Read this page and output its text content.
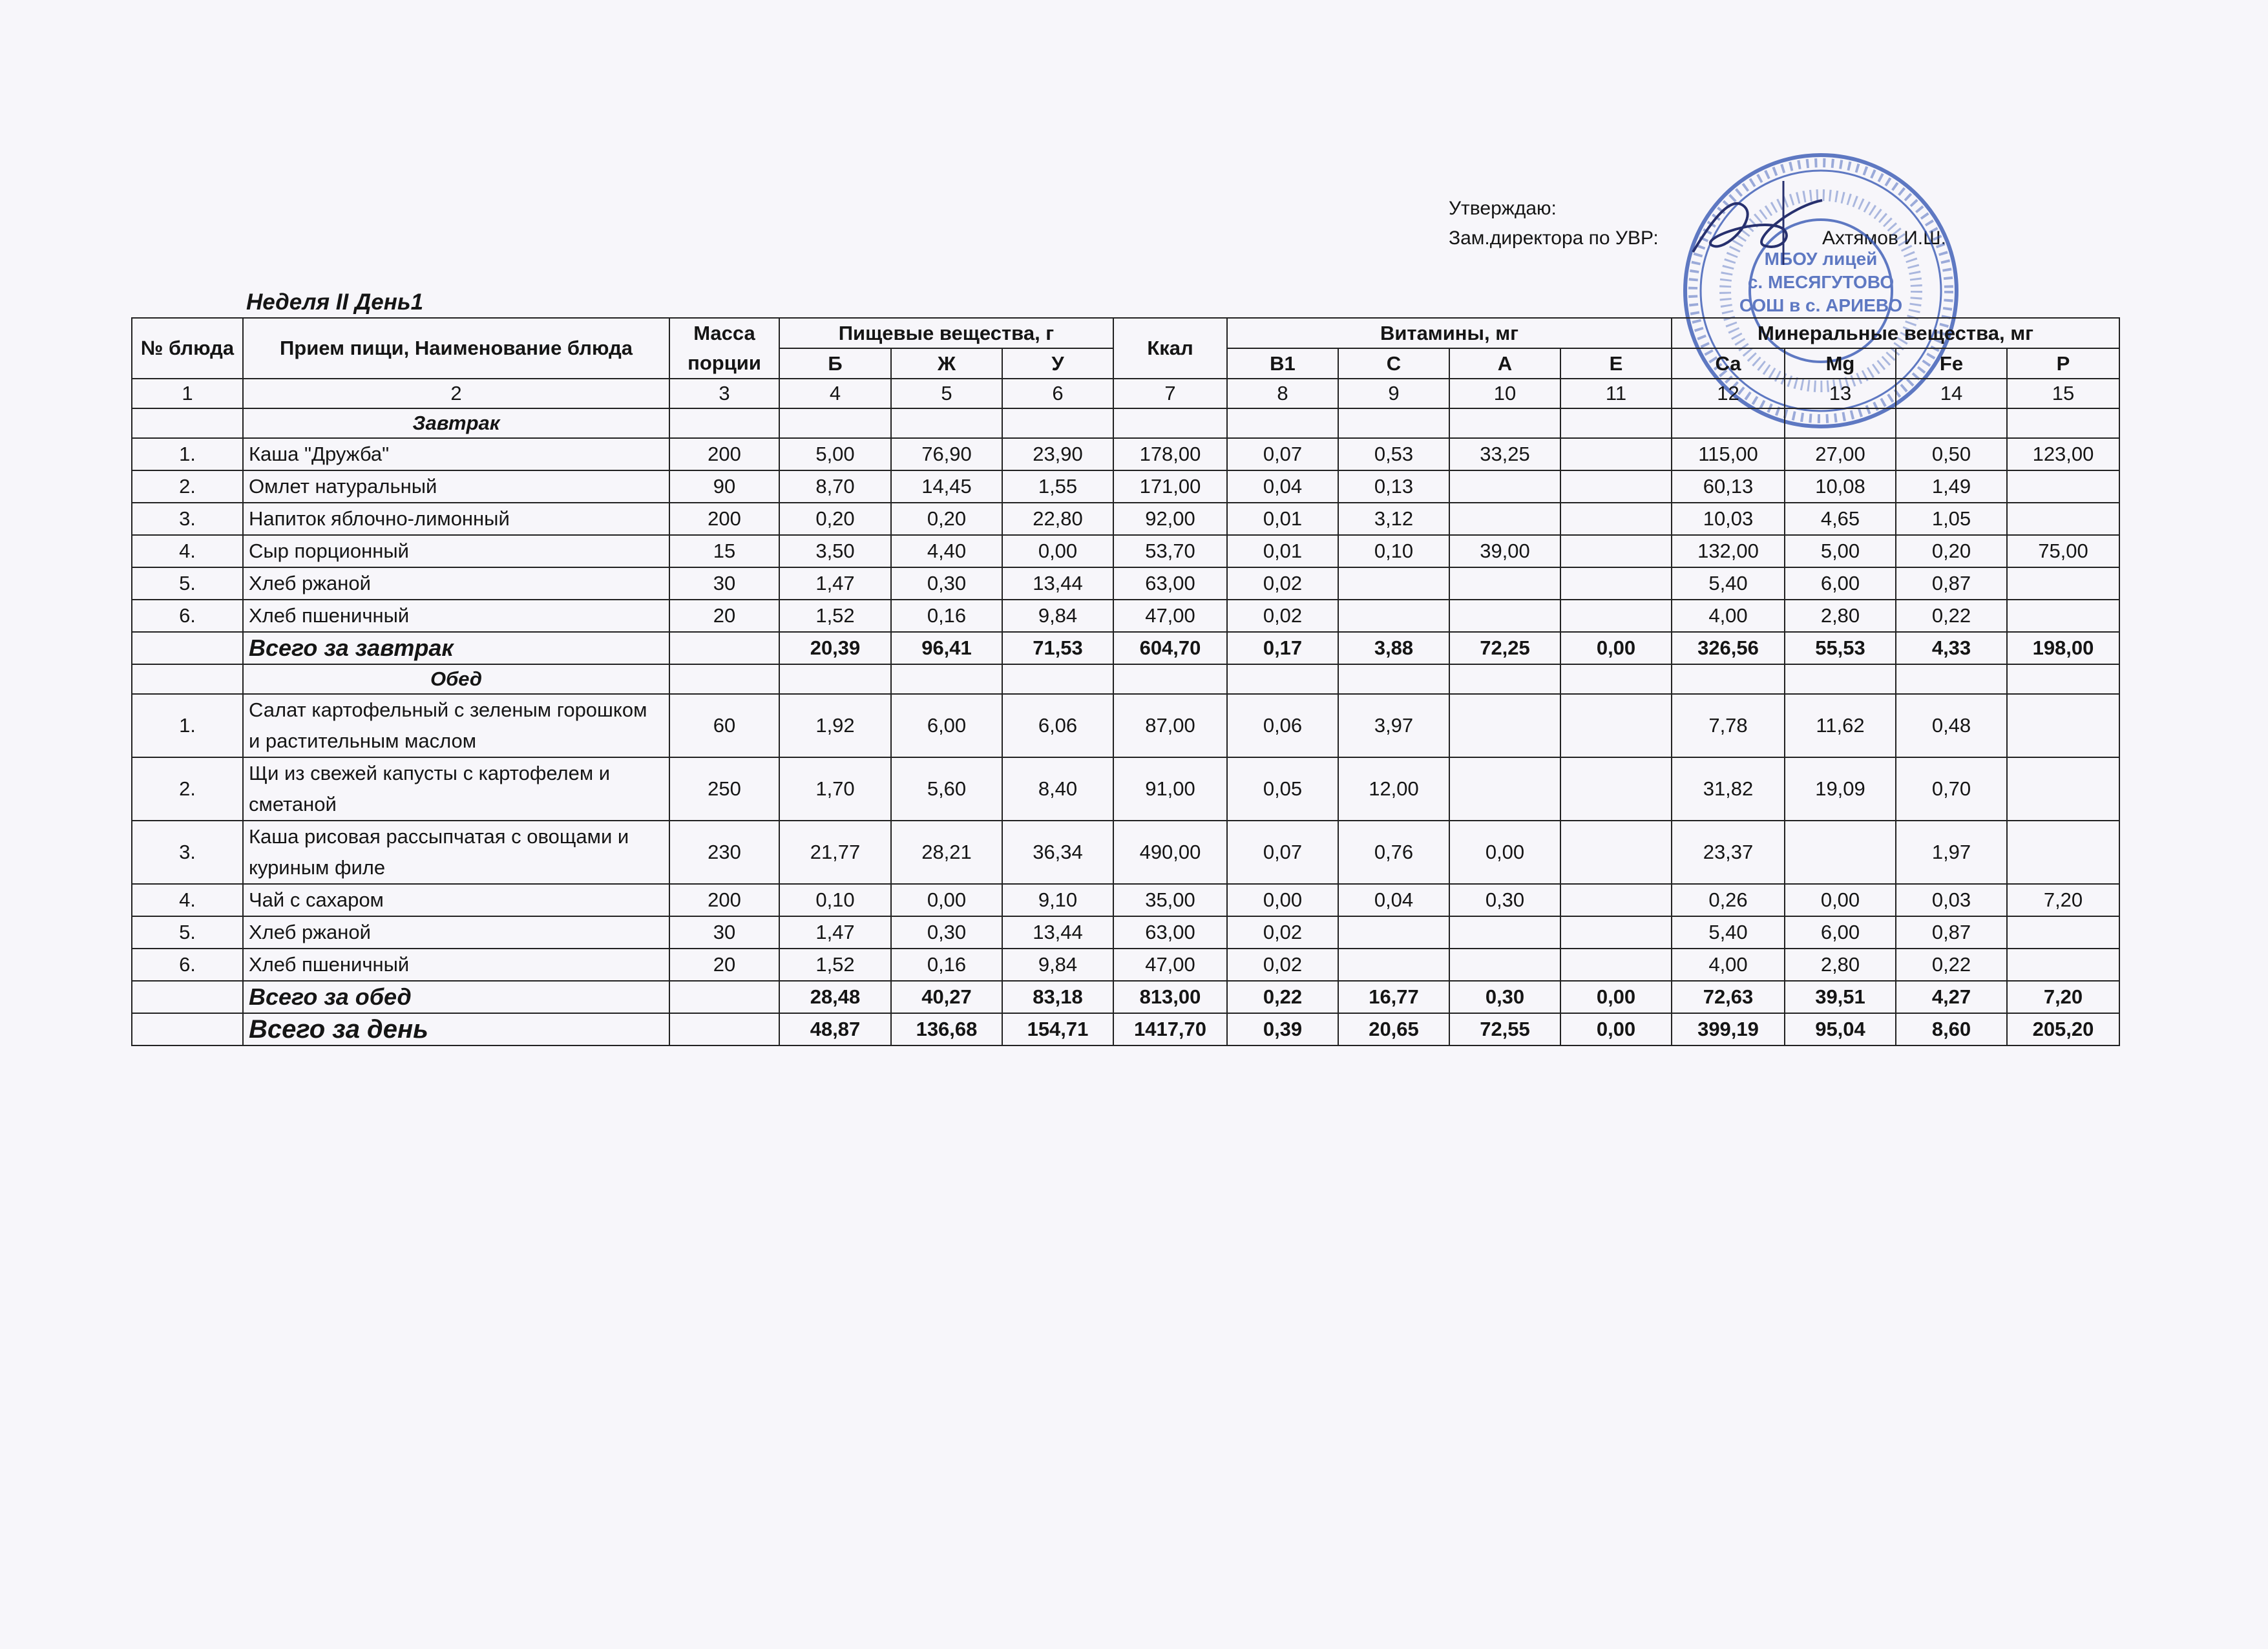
Утверждаю:
Зам.директора по УВР:	Ахтямов И.Ш.
МБОУ лицей
с. МЕСЯГУТОВО
СОШ в с. АРИЕВО
Неделя II День1
№ блюда	Прием пищи, Наименование блюда	Масса порции	Пищевые вещества, г			Ккал	Витамины, мг				Минеральные вещества, мг			
			Б	Ж	У		В1	С	А	Е	Са	Mg	Fe	Р
1	2	3	4	5	6	7	8	9	10	11	12	13	14	15
	Завтрак													
1.	Каша "Дружба"	200	5,00	76,90	23,90	178,00	0,07	0,53	33,25		115,00	27,00	0,50	123,00
2.	Омлет натуральный	90	8,70	14,45	1,55	171,00	0,04	0,13			60,13	10,08	1,49	
3.	Напиток яблочно-лимонный	200	0,20	0,20	22,80	92,00	0,01	3,12			10,03	4,65	1,05	
4.	Сыр порционный	15	3,50	4,40	0,00	53,70	0,01	0,10	39,00		132,00	5,00	0,20	75,00
5.	Хлеб ржаной	30	1,47	0,30	13,44	63,00	0,02				5,40	6,00	0,87	
6.	Хлеб пшеничный	20	1,52	0,16	9,84	47,00	0,02				4,00	2,80	0,22	
	Всего за завтрак		20,39	96,41	71,53	604,70	0,17	3,88	72,25	0,00	326,56	55,53	4,33	198,00
	Обед													
1.	Салат картофельный с зеленым горошком и растительным маслом	60	1,92	6,00	6,06	87,00	0,06	3,97			7,78	11,62	0,48	
2.	Щи из свежей капусты с картофелем и сметаной	250	1,70	5,60	8,40	91,00	0,05	12,00			31,82	19,09	0,70	
3.	Каша рисовая рассыпчатая с овощами и куриным филе	230	21,77	28,21	36,34	490,00	0,07	0,76	0,00		23,37		1,97	
4.	Чай с сахаром	200	0,10	0,00	9,10	35,00	0,00	0,04	0,30		0,26	0,00	0,03	7,20
5.	Хлеб ржаной	30	1,47	0,30	13,44	63,00	0,02				5,40	6,00	0,87	
6.	Хлеб пшеничный	20	1,52	0,16	9,84	47,00	0,02				4,00	2,80	0,22	
	Всего за обед		28,48	40,27	83,18	813,00	0,22	16,77	0,30	0,00	72,63	39,51	4,27	7,20
	Всего за день		48,87	136,68	154,71	1417,70	0,39	20,65	72,55	0,00	399,19	95,04	8,60	205,20
